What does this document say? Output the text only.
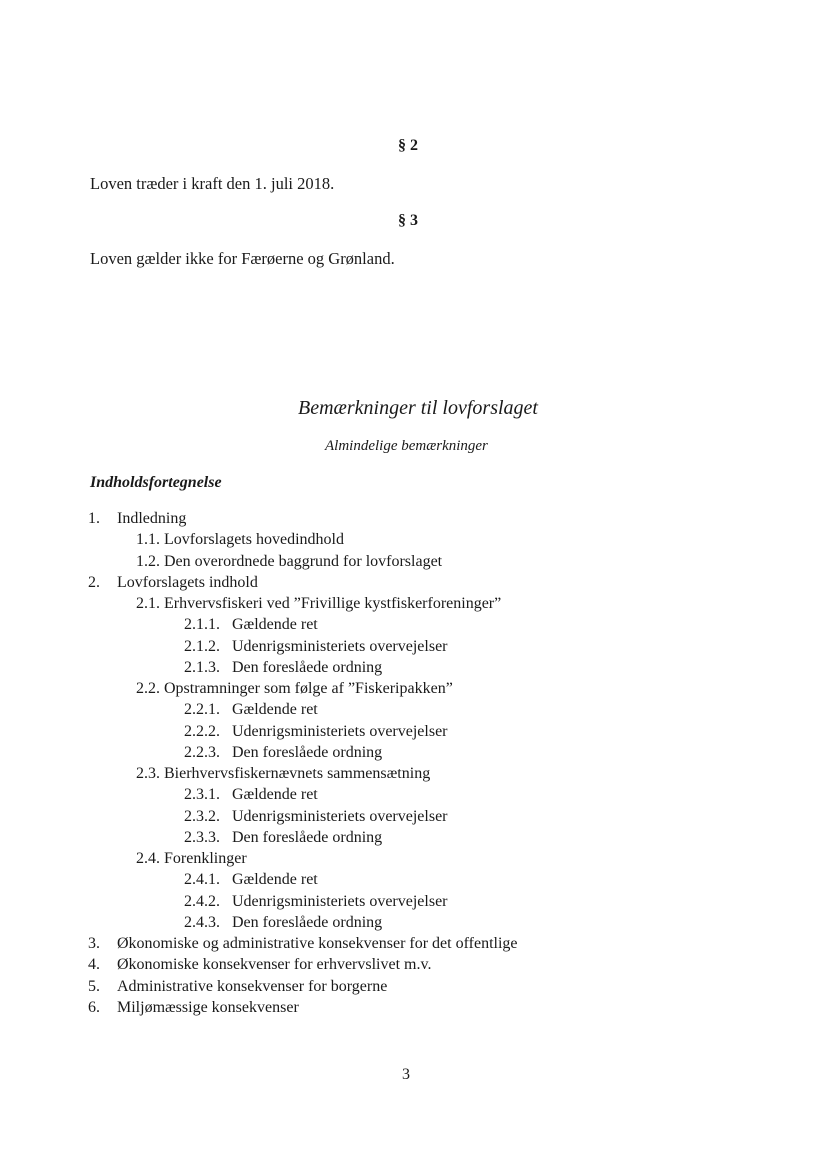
§ 2
Loven træder i kraft den 1. juli 2018.
§ 3
Loven gælder ikke for Færøerne og Grønland.
Bemærkninger til lovforslaget
Almindelige bemærkninger
Indholdsfortegnelse
1. Indledning
1.1. Lovforslagets hovedindhold
1.2. Den overordnede baggrund for lovforslaget
2. Lovforslagets indhold
2.1. Erhvervsfiskeri ved ”Frivillige kystfiskerforeninger”
2.1.1. Gældende ret
2.1.2. Udenrigsministeriets overvejelser
2.1.3. Den foreslåede ordning
2.2. Opstramninger som følge af ”Fiskeripakken”
2.2.1. Gældende ret
2.2.2. Udenrigsministeriets overvejelser
2.2.3. Den foreslåede ordning
2.3. Bierhvervsfiskernævnets sammensætning
2.3.1. Gældende ret
2.3.2. Udenrigsministeriets overvejelser
2.3.3. Den foreslåede ordning
2.4. Forenklinger
2.4.1. Gældende ret
2.4.2. Udenrigsministeriets overvejelser
2.4.3. Den foreslåede ordning
3. Økonomiske og administrative konsekvenser for det offentlige
4. Økonomiske konsekvenser for erhvervslivet m.v.
5. Administrative konsekvenser for borgerne
6. Miljømæssige konsekvenser
3
